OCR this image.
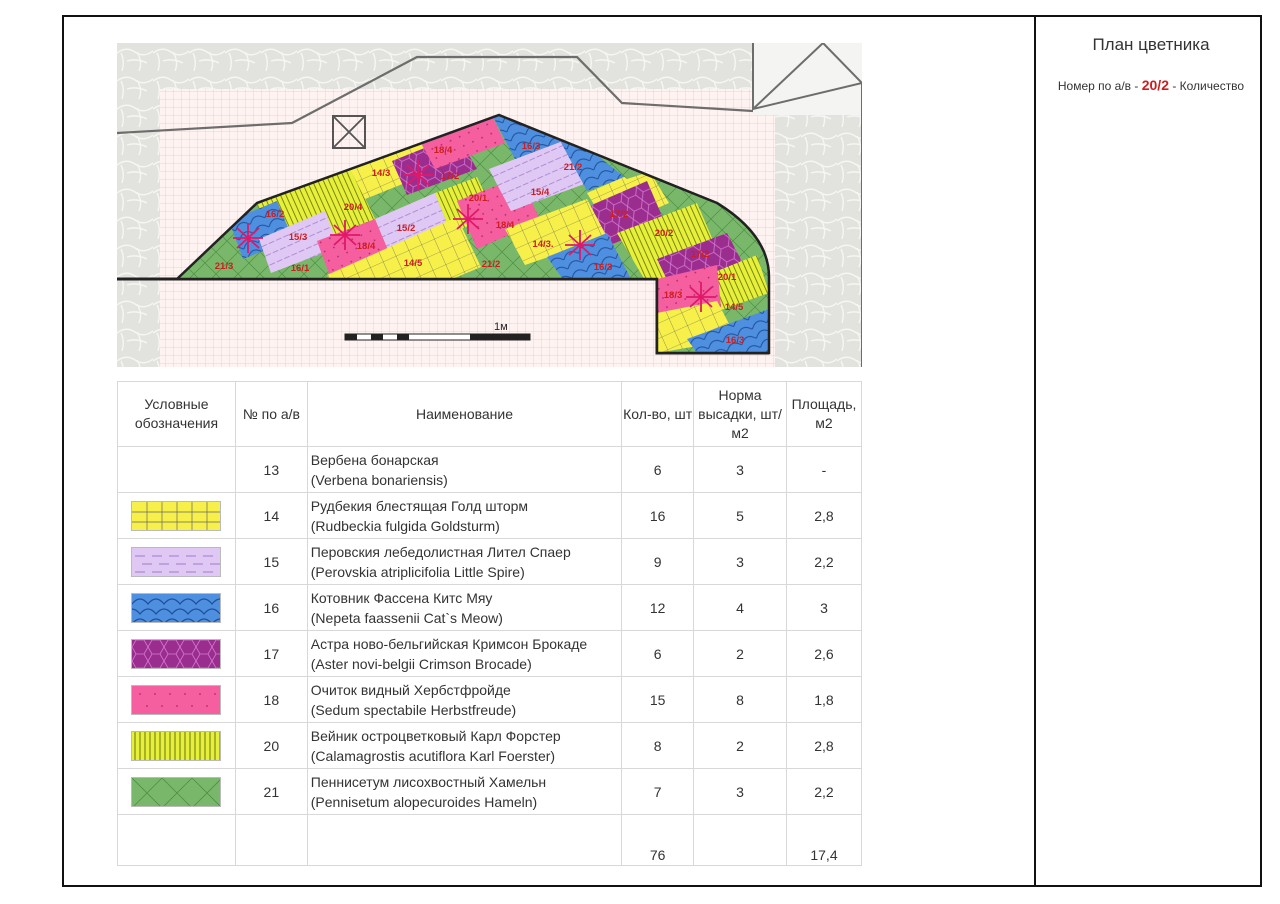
План цветника
Номер по а/в - 20/2 - Количество
1м
16/3
18/4
14/3	17/2
21/2
20/4
20/1
15/4
16/2
15/3
15/2	18/4
17/2
21/3	16/1
18/4
14/5
14/3.
20/2
21/2	16/3
17/2
20/1
18/3
14/5
16/3
Условные обозначения	№ по а/в	Наименование	Кол-во, шт	Норма высадки, шт/м2	Площадь, м2
	13	Вербена бонарская
(Verbena bonariensis)	6	3	-

	14	Рудбекия блестящая Голд шторм
(Rudbeckia fulgida Goldsturm)	16	5	2,8

	15	Перовския лебедолистная Лител Спаер
(Perovskia atriplicifolia Little Spire)	9	3	2,2

	16	Котовник Фассена Китс Мяу
(Nepeta faassenii Cat`s Meow)	12	4	3

	17	Астра ново-бельгийская Кримсон Брокаде
(Aster novi-belgii Crimson Brocade)	6	2	2,6

	18	Очиток видный Хербстфройде
(Sedum spectabile Herbstfreude)	15	8	1,8

	20	Вейник остроцветковый Карл Форстер
(Calamagrostis acutiflora Karl Foerster)	8	2	2,8

	21	Пеннисетум лисохвостный Хамельн
(Pennisetum alopecuroides Hameln)	7	3	2,2
			76		17,4
